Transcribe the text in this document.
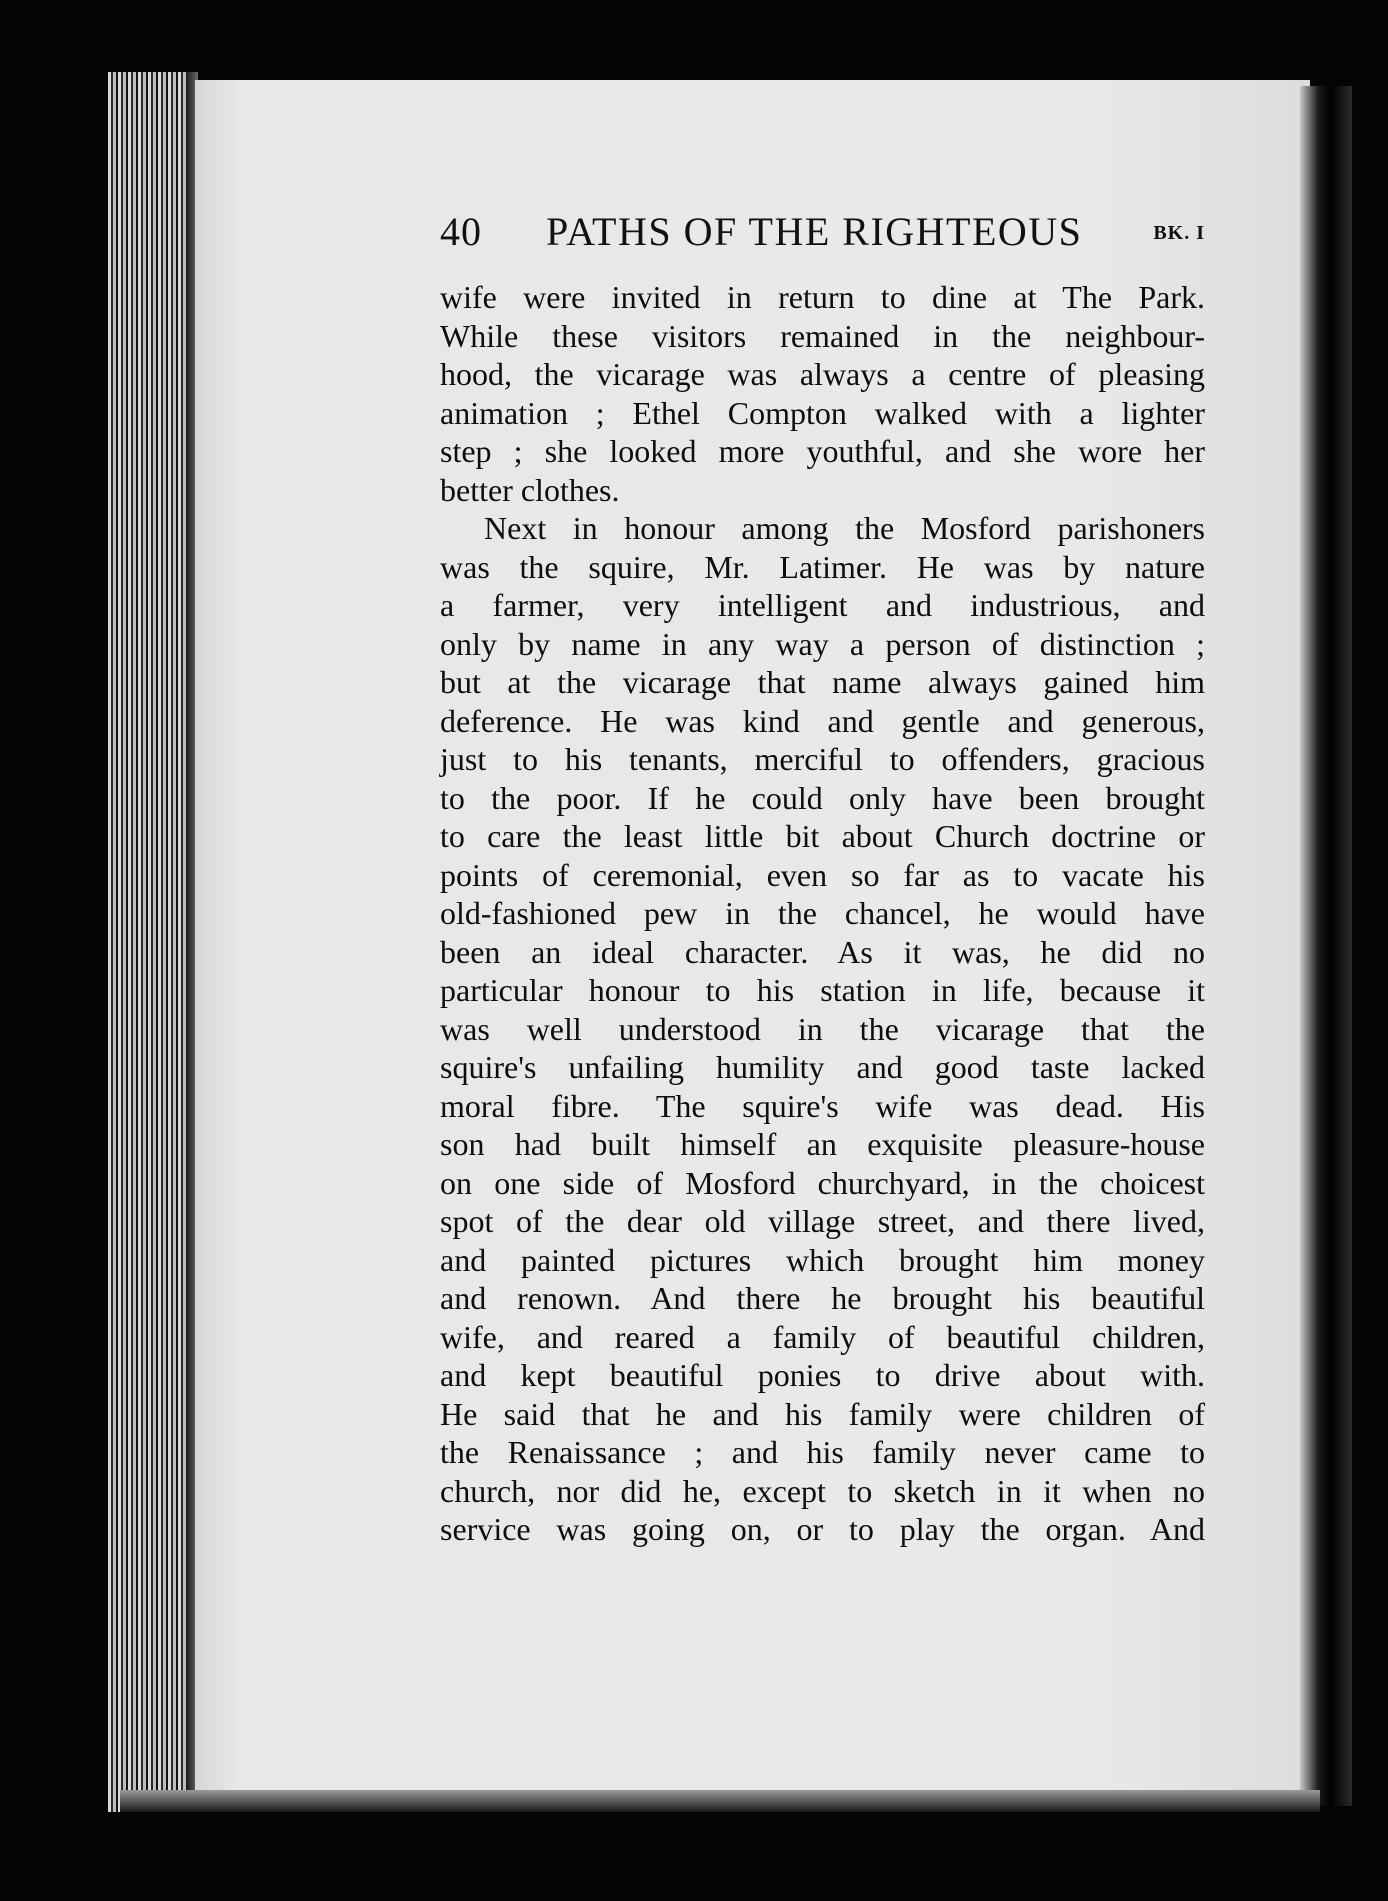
40 PATHS OF THE RIGHTEOUS	BK. I
wife were invited in return to dine at The Park.
While these visitors remained in the neighbour-
hood, the vicarage was always a centre of pleasing
animation ; Ethel Compton walked with a lighter
step ; she looked more youthful, and she wore her
better clothes.
Next in honour among the Mosford parishoners
was the squire, Mr. Latimer. He was by nature
a farmer, very intelligent and industrious, and
only by name in any way a person of distinction ;
but at the vicarage that name always gained him
deference. He was kind and gentle and generous,
just to his tenants, merciful to offenders, gracious
to the poor. If he could only have been brought
to care the least little bit about Church doctrine or
points of ceremonial, even so far as to vacate his
old-fashioned pew in the chancel, he would have
been an ideal character. As it was, he did no
particular honour to his station in life, because it
was well understood in the vicarage that the
squire's unfailing humility and good taste lacked
moral fibre. The squire's wife was dead. His
son had built himself an exquisite pleasure-house
on one side of Mosford churchyard, in the choicest
spot of the dear old village street, and there lived,
and painted pictures which brought him money
and renown. And there he brought his beautiful
wife, and reared a family of beautiful children,
and kept beautiful ponies to drive about with.
He said that he and his family were children of
the Renaissance ; and his family never came to
church, nor did he, except to sketch in it when no
service was going on, or to play the organ. And
